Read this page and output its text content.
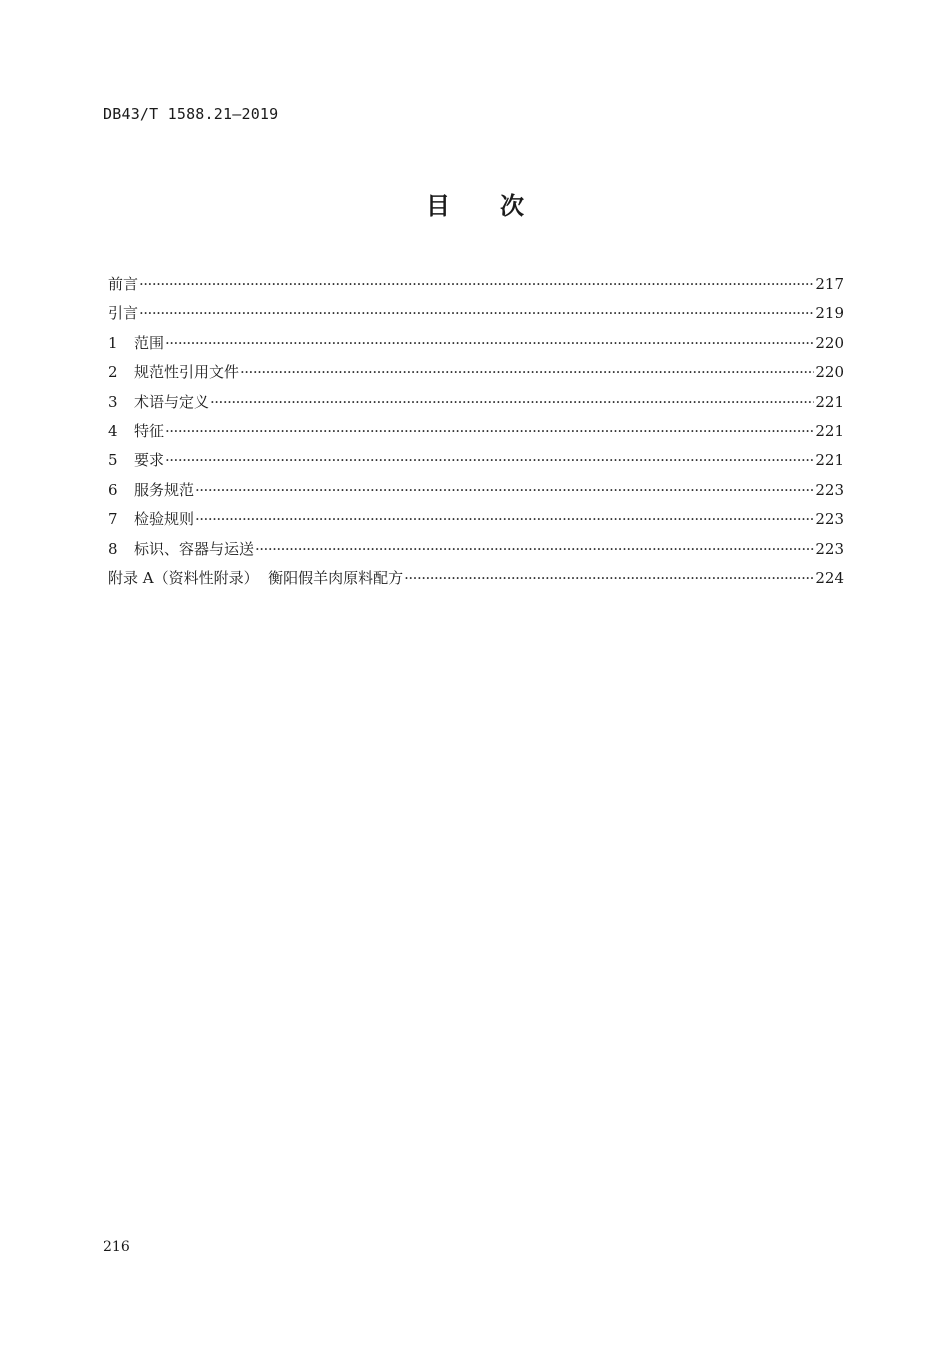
DB43/T 1588.21—2019
目 次
前言 ·····	217
引言 ·····	219
1	范围 ·····	220
2	规范性引用文件 ·····	220
3	术语与定义 ·····	221
4	特征 ·····	221
5	要求 ·····	221
6	服务规范 ·····	223
7	检验规则 ·····	223
8	标识、容器与运送 ·····	223
附录 A（资料性附录）  衡阳假羊肉原料配方 ·····	224
216
